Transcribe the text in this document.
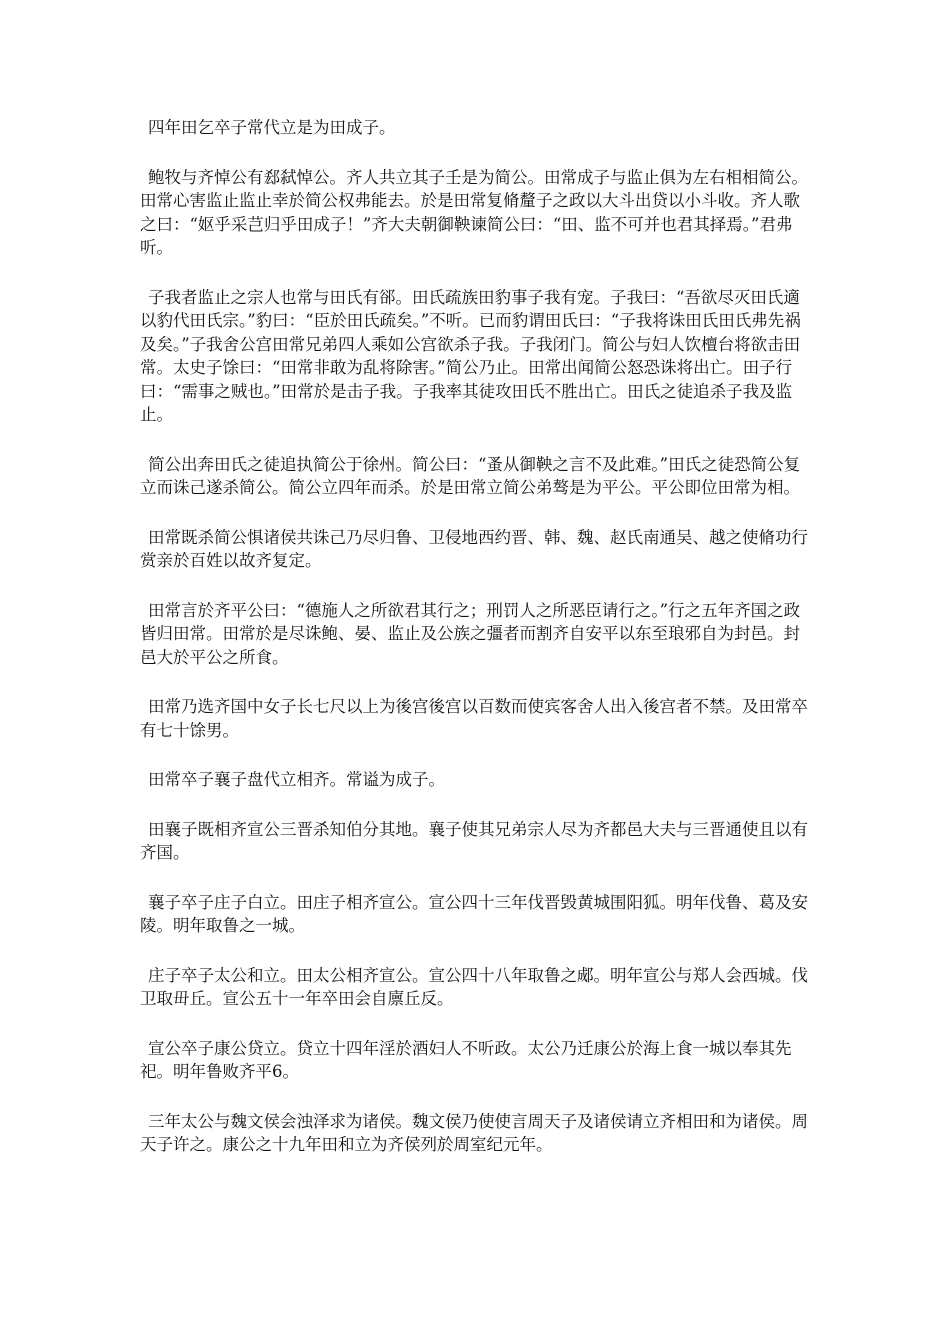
四年田乞卒子常代立是为田成子。

鲍牧与齐悼公有郄弑悼公。齐人共立其子壬是为简公。田常成子与监止俱为左右相相简公。田常心害监止监止幸於简公权弗能去。於是田常复脩釐子之政以大斗出贷以小斗收。齐人歌之曰：“妪乎采芑归乎田成子！”齐大夫朝御鞅谏简公曰：“田、监不可并也君其择焉。”君弗听。

子我者监止之宗人也常与田氏有郤。田氏疏族田豹事子我有宠。子我曰：“吾欲尽灭田氏適以豹代田氏宗。”豹曰：“臣於田氏疏矣。”不听。已而豹谓田氏曰：“子我将诛田氏田氏弗先祸及矣。”子我舍公宫田常兄弟四人乘如公宫欲杀子我。子我闭门。简公与妇人饮檀台将欲击田常。太史子馀曰：“田常非敢为乱将除害。”简公乃止。田常出闻简公怒恐诛将出亡。田子行曰：“需事之贼也。”田常於是击子我。子我率其徒攻田氏不胜出亡。田氏之徒追杀子我及监止。

简公出奔田氏之徒追执简公于徐州。简公曰：“蚤从御鞅之言不及此难。”田氏之徒恐简公复立而诛己遂杀简公。简公立四年而杀。於是田常立简公弟骜是为平公。平公即位田常为相。

田常既杀简公惧诸侯共诛己乃尽归鲁、卫侵地西约晋、韩、魏、赵氏南通吴、越之使脩功行赏亲於百姓以故齐复定。

田常言於齐平公曰：“德施人之所欲君其行之；刑罚人之所恶臣请行之。”行之五年齐国之政皆归田常。田常於是尽诛鲍、晏、监止及公族之彊者而割齐自安平以东至琅邪自为封邑。封邑大於平公之所食。

田常乃选齐国中女子长七尺以上为後宫後宫以百数而使宾客舍人出入後宫者不禁。及田常卒有七十馀男。

田常卒子襄子盘代立相齐。常谥为成子。

田襄子既相齐宣公三晋杀知伯分其地。襄子使其兄弟宗人尽为齐都邑大夫与三晋通使且以有齐国。

襄子卒子庄子白立。田庄子相齐宣公。宣公四十三年伐晋毁黄城围阳狐。明年伐鲁、葛及安陵。明年取鲁之一城。

庄子卒子太公和立。田太公相齐宣公。宣公四十八年取鲁之郕。明年宣公与郑人会西城。伐卫取毌丘。宣公五十一年卒田会自廪丘反。

宣公卒子康公贷立。贷立十四年淫於酒妇人不听政。太公乃迁康公於海上食一城以奉其先祀。明年鲁败齐平6。

三年太公与魏文侯会浊泽求为诸侯。魏文侯乃使使言周天子及诸侯请立齐相田和为诸侯。周天子许之。康公之十九年田和立为齐侯列於周室纪元年。
